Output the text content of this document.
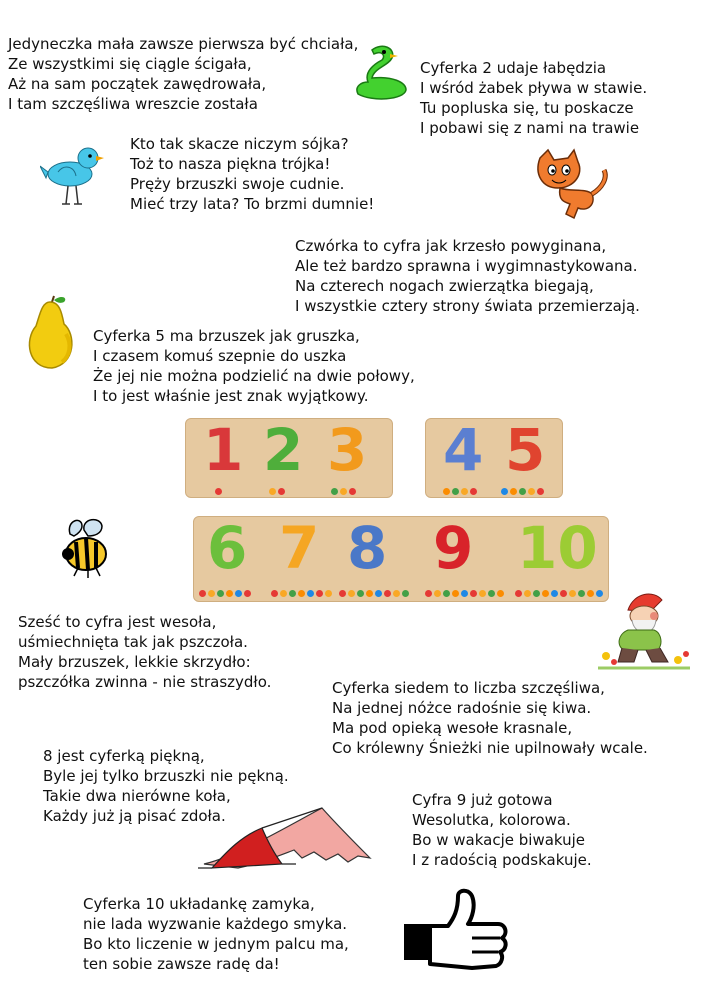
Jedyneczka mała zawsze pierwsza być chciała,
Ze wszystkimi się ciągle ścigała,
Aż na sam początek zawędrowała,
I tam szczęśliwa wreszcie została
Cyferka 2 udaje łabędzia
I wśród żabek pływa w stawie.
Tu popluska się, tu poskacze
I pobawi się z nami na trawie
Kto tak skacze niczym sójka?
Toż to nasza piękna trójka!
Pręży brzuszki swoje cudnie.
Mieć trzy lata? To brzmi dumnie!
Czwórka to cyfra jak krzesło powyginana,
Ale też bardzo sprawna i wygimnastykowana.
Na czterech nogach zwierzątka biegają,
I wszystkie cztery strony świata przemierzają.
Cyferka 5 ma brzuszek jak gruszka,
I czasem komuś szepnie do uszka
Że jej nie można podzielić na dwie połowy,
I to jest właśnie jest znak wyjątkowy.
1 2 3 4 5
6 7 8 9 10
Sześć to cyfra jest wesoła,
uśmiechnięta tak jak pszczoła.
Mały brzuszek, lekkie skrzydło:
pszczółka zwinna - nie straszydło.	Cyferka siedem to liczba szczęśliwa,
Na jednej nóżce radośnie się kiwa.
Ma pod opieką wesołe krasnale,
Co królewny Śnieżki nie upilnowały wcale.
8 jest cyferką piękną,
Byle jej tylko brzuszki nie pękną.
Takie dwa nierówne koła,
Każdy już ją pisać zdoła.
Cyfra 9 już gotowa
Wesolutka, kolorowa.
Bo w wakacje biwakuje
I z radością podskakuje.
Cyferka 10 układankę zamyka,
nie lada wyzwanie każdego smyka.
Bo kto liczenie w jednym palcu ma,
ten sobie zawsze radę da!
